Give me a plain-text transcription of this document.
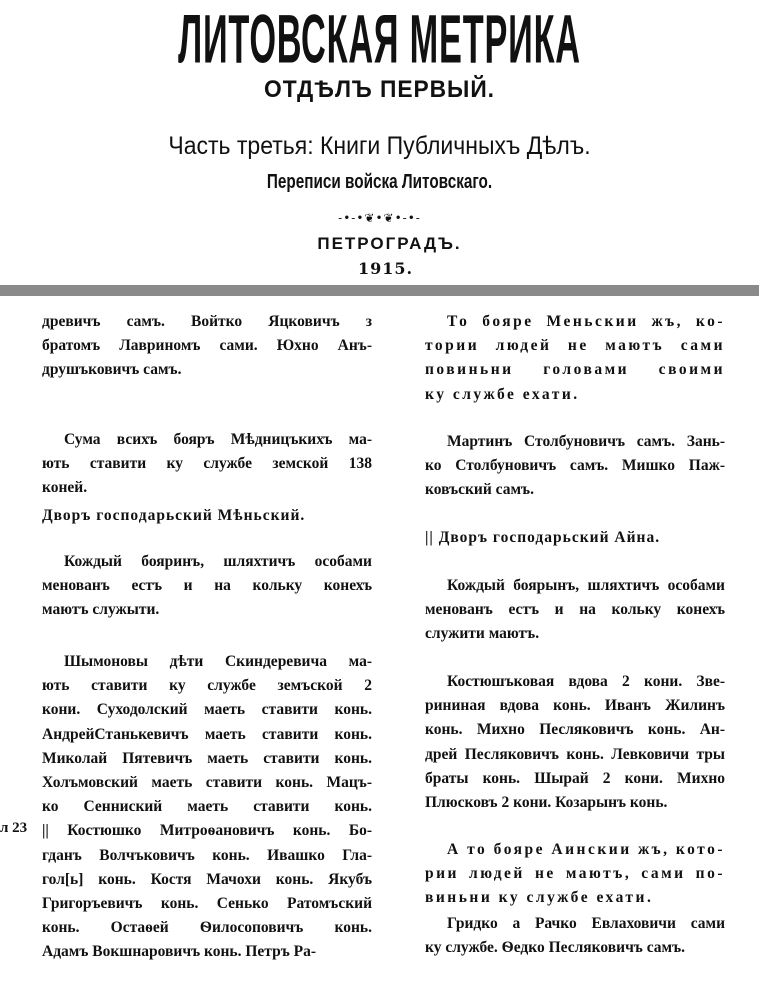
ЛИТОВСКАЯ МЕТРИКА
ОТДѢЛЪ ПЕРВЫЙ.
Часть третья: Книги Публичныхъ Дѣлъ.
Переписи войска Литовскаго.
-•-•❦•❦•-•-
ПЕТРОГРАДЪ.
1915.
л 23
древичъ самъ. Войтко Яцковичъ з
братомъ Лавриномъ сами. Юхно Анъ-
друшъковичъ самъ.
Сума всихъ бояръ Мѣдницъкихъ ма-
ють ставити ку службе земской 138
коней.
Дворъ господарьский Мѣньский.
Кождый бояринъ, шляхтичъ особами
менованъ естъ и на кольку конехъ
маютъ служыти.
Шымоновы дѣти Скиндеревича ма-
ють ставити ку службе земъской 2
кони. Суходолский маеть ставити конь.
АндрейСтанькевичъ маеть ставити конь.
Миколай Пятевичъ маеть ставити конь.
Холъмовский маеть ставити конь. Мацъ-
ко Сенниский маеть ставити конь.
|| Костюшко Митроѳановичъ конь. Бо-
гданъ Волчъковичъ конь. Ивашко Гла-
гол[ь] конь. Костя Мачохи конь. Якубъ
Григоръевичъ конь. Сенько Ратомъский
конь. Остаѳей Ѳилосоповичъ конь.
Адамъ Вокшнаровичъ конь. Петръ Ра-
То бояре Меньскии жъ, ко-
тории людей не маютъ сами
повиньни головами своими
ку службе ехати.
Мартинъ Столбуновичъ самъ. Зань-
ко Столбуновичъ самъ. Мишко Паж-
ковъский самъ.
|| Дворъ господарьский Айна.
Кождый боярынъ, шляхтичъ особами
менованъ естъ и на кольку конехъ
служити маютъ.
Костюшъковая вдова 2 кони. Зве-
рининая вдова конь. Иванъ Жилинъ
конь. Михно Песляковичъ конь. Ан-
дрей Песляковичъ конь. Левковичи тры
браты конь. Шырай 2 кони. Михно
Плюсковъ 2 кони. Козарынъ конь.
А то бояре Аинскии жъ, кото-
рии людей не маютъ, сами по-
виньни ку службе ехати.
Гридко а Рачко Евлаховичи сами
ку службе. Ѳедко Песляковичъ самъ.
